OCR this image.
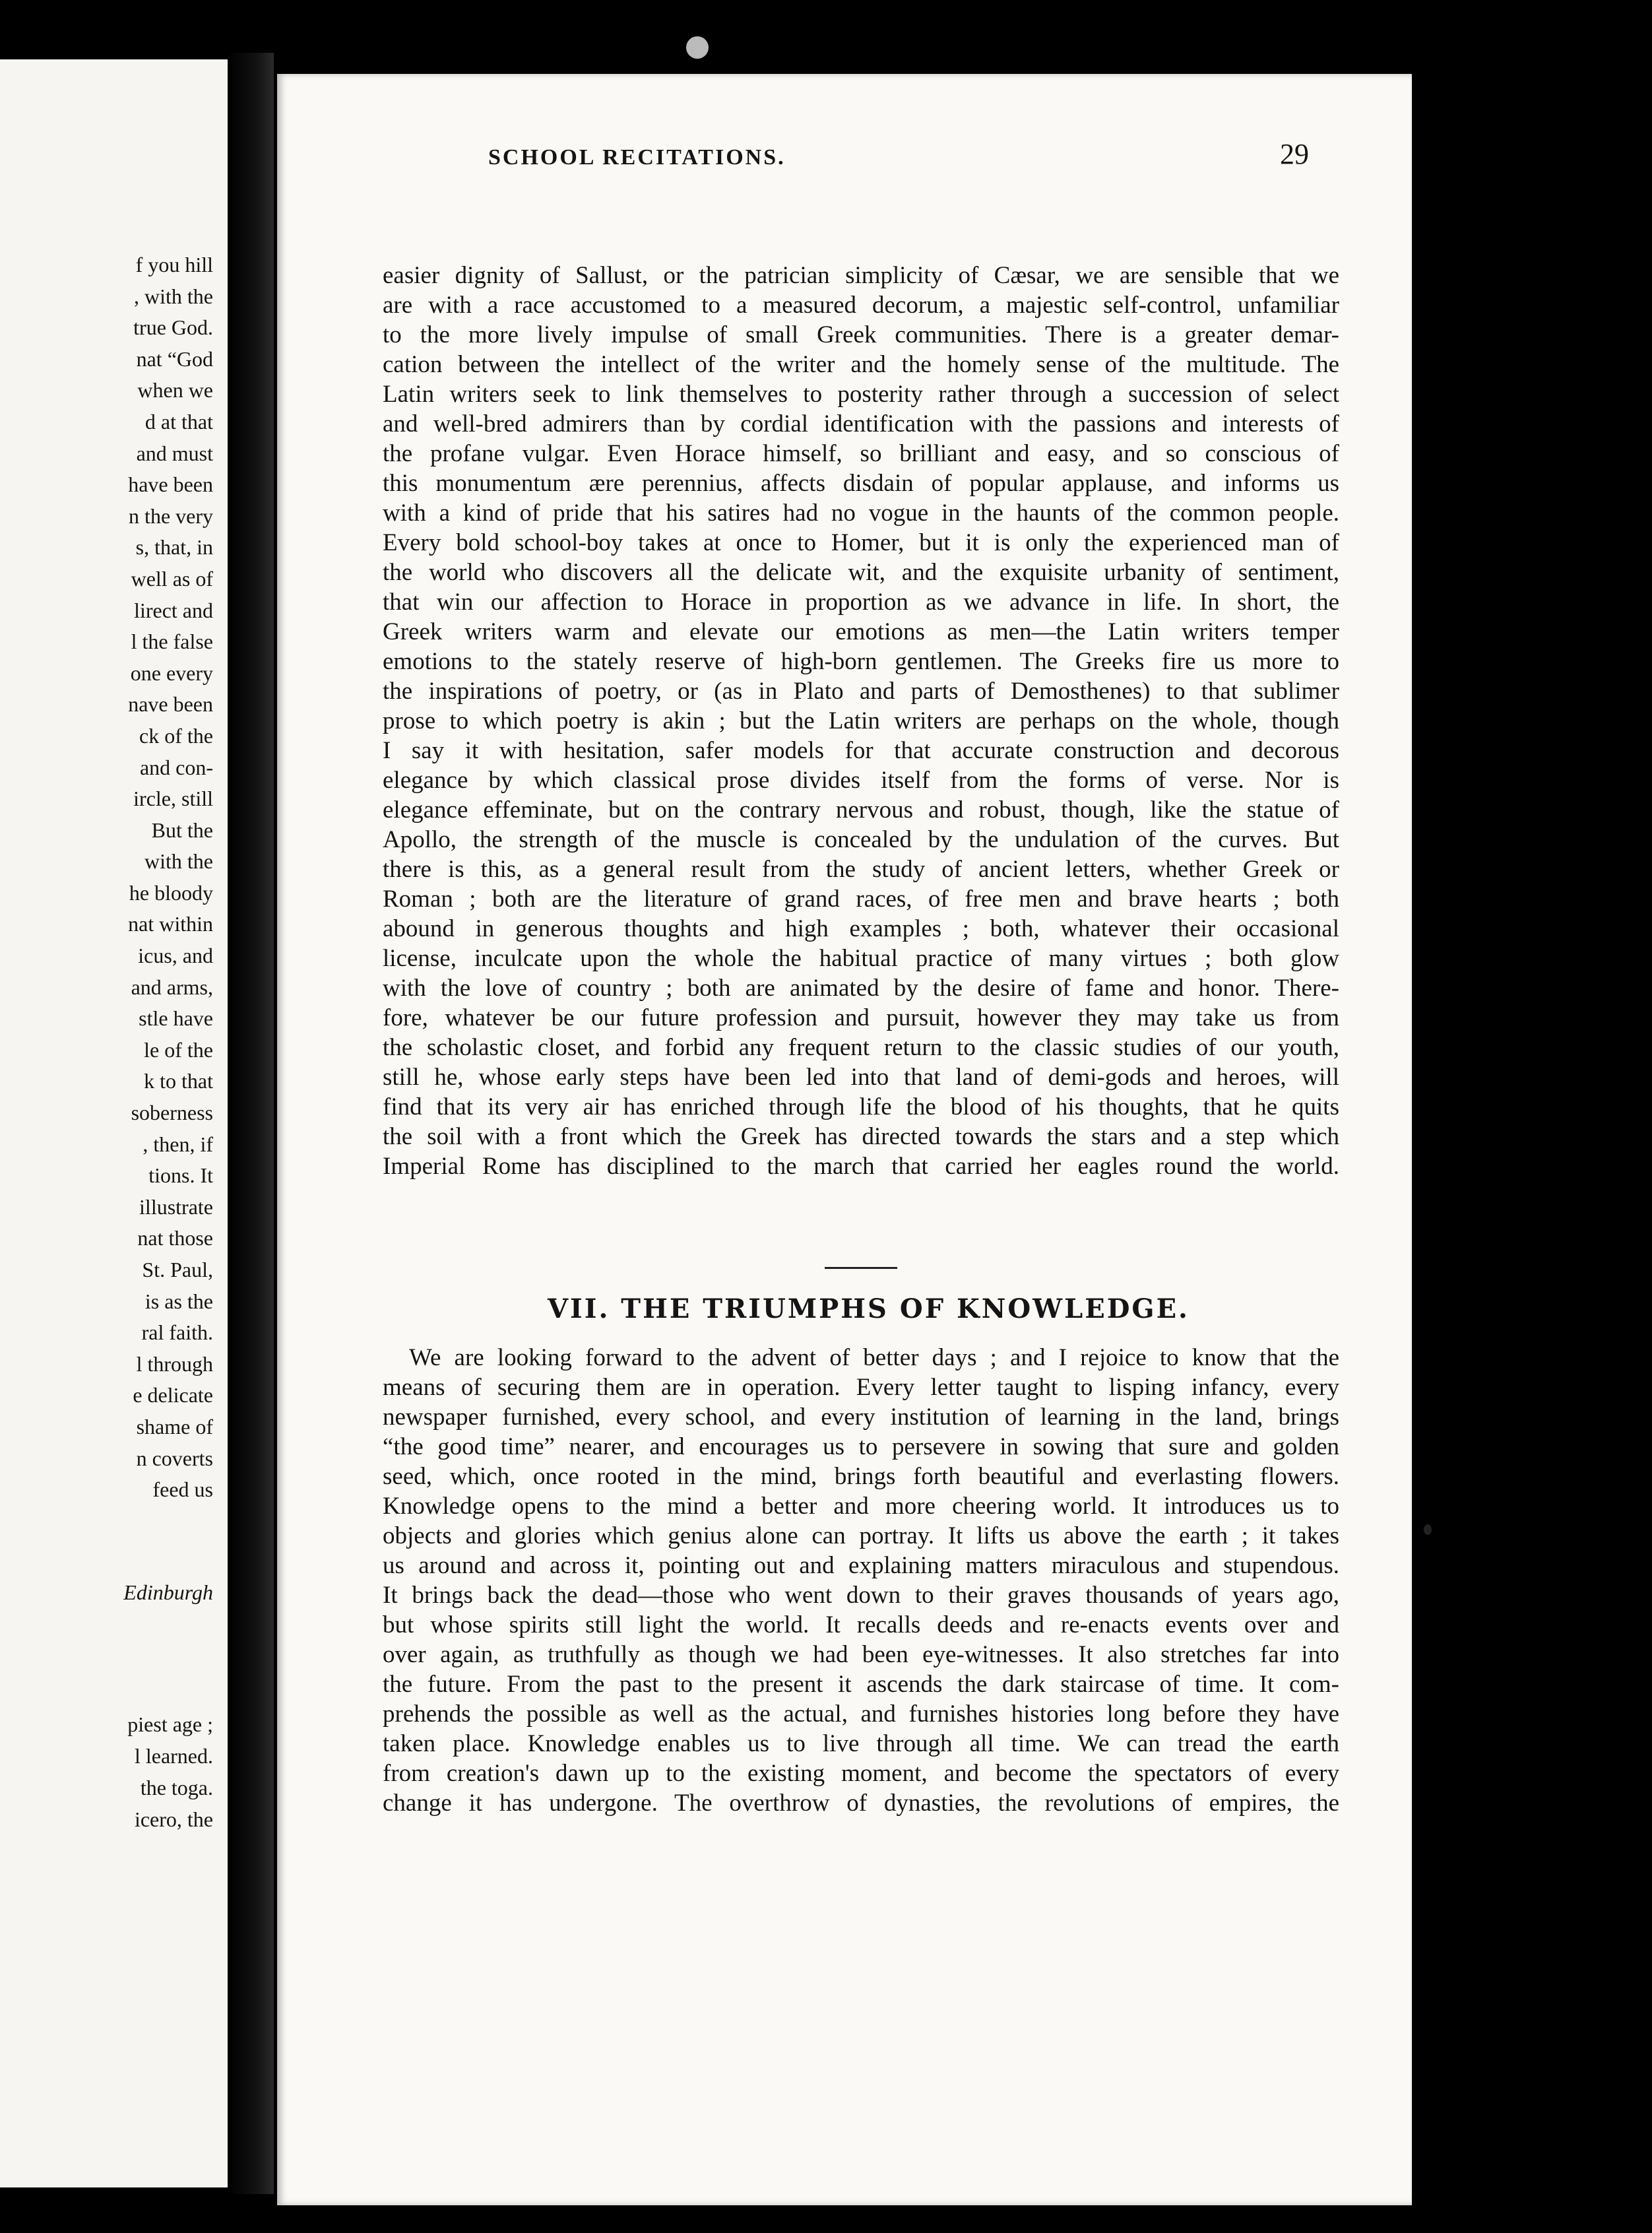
f you hill
, with the
true God.
nat “God
when we
d at that
and must
have been
n the very
s, that, in
well as of
lirect and
l the false
one every
nave been
ck of the
and con-
ircle, still
But the
with the
he bloody
nat within
icus, and
and arms,
stle have
le of the
k to that
soberness
, then, if
tions. It
illustrate
nat those
St. Paul,
is as the
ral faith.
l through
e delicate
shame of
n coverts
feed us
Edinburgh
piest age ;
l learned.
the toga.
icero, the
SCHOOL RECITATIONS.	29
easier dignity of Sallust, or the patrician simplicity of Cæsar, we are sensible that we
are with a race accustomed to a measured decorum, a majestic self-control, unfamiliar
to the more lively impulse of small Greek communities. There is a greater demar-
cation between the intellect of the writer and the homely sense of the multitude. The
Latin writers seek to link themselves to posterity rather through a succession of select
and well-bred admirers than by cordial identification with the passions and interests of
the profane vulgar. Even Horace himself, so brilliant and easy, and so conscious of
this monumentum ære perennius, affects disdain of popular applause, and informs us
with a kind of pride that his satires had no vogue in the haunts of the common people.
Every bold school-boy takes at once to Homer, but it is only the experienced man of
the world who discovers all the delicate wit, and the exquisite urbanity of sentiment,
that win our affection to Horace in proportion as we advance in life. In short, the
Greek writers warm and elevate our emotions as men—the Latin writers temper
emotions to the stately reserve of high-born gentlemen. The Greeks fire us more to
the inspirations of poetry, or (as in Plato and parts of Demosthenes) to that sublimer
prose to which poetry is akin ; but the Latin writers are perhaps on the whole, though
I say it with hesitation, safer models for that accurate construction and decorous
elegance by which classical prose divides itself from the forms of verse. Nor is
elegance effeminate, but on the contrary nervous and robust, though, like the statue of
Apollo, the strength of the muscle is concealed by the undulation of the curves. But
there is this, as a general result from the study of ancient letters, whether Greek or
Roman ; both are the literature of grand races, of free men and brave hearts ; both
abound in generous thoughts and high examples ; both, whatever their occasional
license, inculcate upon the whole the habitual practice of many virtues ; both glow
with the love of country ; both are animated by the desire of fame and honor. There-
fore, whatever be our future profession and pursuit, however they may take us from
the scholastic closet, and forbid any frequent return to the classic studies of our youth,
still he, whose early steps have been led into that land of demi-gods and heroes, will
find that its very air has enriched through life the blood of his thoughts, that he quits
the soil with a front which the Greek has directed towards the stars and a step which
Imperial Rome has disciplined to the march that carried her eagles round the world.
VII. THE TRIUMPHS OF KNOWLEDGE.
We are looking forward to the advent of better days ; and I rejoice to know that the
means of securing them are in operation. Every letter taught to lisping infancy, every
newspaper furnished, every school, and every institution of learning in the land, brings
“the good time” nearer, and encourages us to persevere in sowing that sure and golden
seed, which, once rooted in the mind, brings forth beautiful and everlasting flowers.
Knowledge opens to the mind a better and more cheering world. It introduces us to
objects and glories which genius alone can portray. It lifts us above the earth ; it takes
us around and across it, pointing out and explaining matters miraculous and stupendous.
It brings back the dead—those who went down to their graves thousands of years ago,
but whose spirits still light the world. It recalls deeds and re-enacts events over and
over again, as truthfully as though we had been eye-witnesses. It also stretches far into
the future. From the past to the present it ascends the dark staircase of time. It com-
prehends the possible as well as the actual, and furnishes histories long before they have
taken place. Knowledge enables us to live through all time. We can tread the earth
from creation's dawn up to the existing moment, and become the spectators of every
change it has undergone. The overthrow of dynasties, the revolutions of empires, the
